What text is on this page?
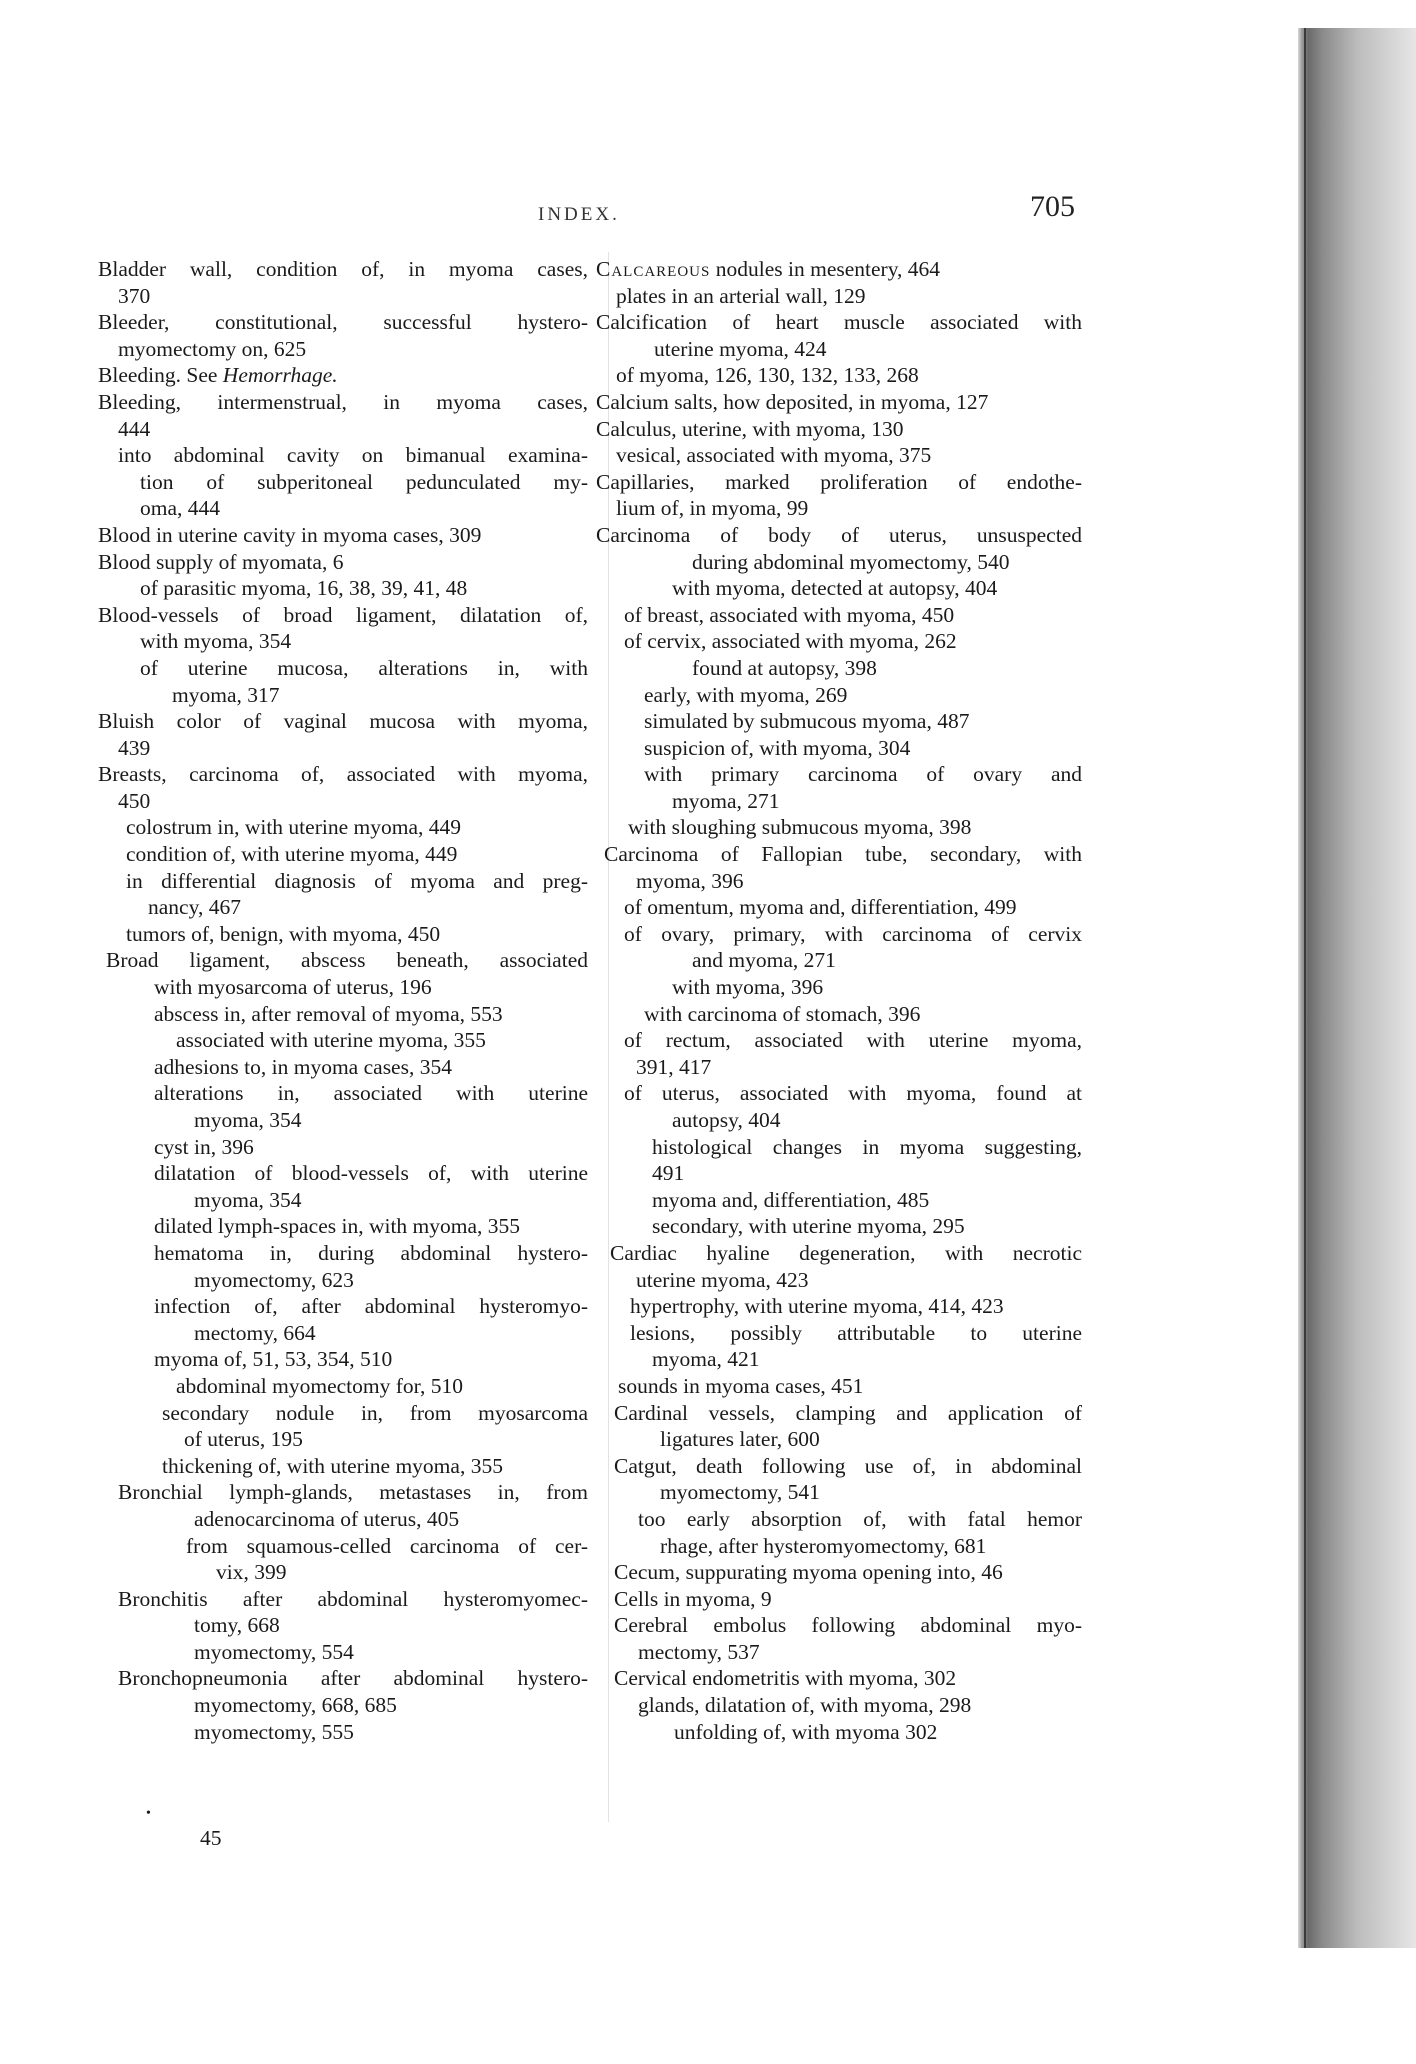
INDEX.	705
Bladder wall, condition of, in myoma cases,
370
Bleeder, constitutional, successful hystero-
myomectomy on, 625
Bleeding. See Hemorrhage.
Bleeding, intermenstrual, in myoma cases,
444
into abdominal cavity on bimanual examina-
tion of subperitoneal pedunculated my-
oma, 444
Blood in uterine cavity in myoma cases, 309
Blood supply of myomata, 6
of parasitic myoma, 16, 38, 39, 41, 48
Blood-vessels of broad ligament, dilatation of,
with myoma, 354
of uterine mucosa, alterations in, with
myoma, 317
Bluish color of vaginal mucosa with myoma,
439
Breasts, carcinoma of, associated with myoma,
450
colostrum in, with uterine myoma, 449
condition of, with uterine myoma, 449
in differential diagnosis of myoma and preg-
nancy, 467
tumors of, benign, with myoma, 450
Broad ligament, abscess beneath, associated
with myosarcoma of uterus, 196
abscess in, after removal of myoma, 553
associated with uterine myoma, 355
adhesions to, in myoma cases, 354
alterations in, associated with uterine
myoma, 354
cyst in, 396
dilatation of blood-vessels of, with uterine
myoma, 354
dilated lymph-spaces in, with myoma, 355
hematoma in, during abdominal hystero-
myomectomy, 623
infection of, after abdominal hysteromyo-
mectomy, 664
myoma of, 51, 53, 354, 510
abdominal myomectomy for, 510
secondary nodule in, from myosarcoma
of uterus, 195
thickening of, with uterine myoma, 355
Bronchial lymph-glands, metastases in, from
adenocarcinoma of uterus, 405
from squamous-celled carcinoma of cer-
vix, 399
Bronchitis after abdominal hysteromyomec-
tomy, 668
myomectomy, 554
Bronchopneumonia after abdominal hystero-
myomectomy, 668, 685
myomectomy, 555
Calcareous nodules in mesentery, 464
plates in an arterial wall, 129
Calcification of heart muscle associated with
uterine myoma, 424
of myoma, 126, 130, 132, 133, 268
Calcium salts, how deposited, in myoma, 127
Calculus, uterine, with myoma, 130
vesical, associated with myoma, 375
Capillaries, marked proliferation of endothe-
lium of, in myoma, 99
Carcinoma of body of uterus, unsuspected
during abdominal myomectomy, 540
with myoma, detected at autopsy, 404
of breast, associated with myoma, 450
of cervix, associated with myoma, 262
found at autopsy, 398
early, with myoma, 269
simulated by submucous myoma, 487
suspicion of, with myoma, 304
with primary carcinoma of ovary and
myoma, 271
with sloughing submucous myoma, 398
Carcinoma of Fallopian tube, secondary, with
myoma, 396
of omentum, myoma and, differentiation, 499
of ovary, primary, with carcinoma of cervix
and myoma, 271
with myoma, 396
with carcinoma of stomach, 396
of rectum, associated with uterine myoma,
391, 417
of uterus, associated with myoma, found at
autopsy, 404
histological changes in myoma suggesting,
491
myoma and, differentiation, 485
secondary, with uterine myoma, 295
Cardiac hyaline degeneration, with necrotic
uterine myoma, 423
hypertrophy, with uterine myoma, 414, 423
lesions, possibly attributable to uterine
myoma, 421
sounds in myoma cases, 451
Cardinal vessels, clamping and application of
ligatures later, 600
Catgut, death following use of, in abdominal
myomectomy, 541
too early absorption of, with fatal hemor
rhage, after hysteromyomectomy, 681
Cecum, suppurating myoma opening into, 46
Cells in myoma, 9
Cerebral embolus following abdominal myo-
mectomy, 537
Cervical endometritis with myoma, 302
glands, dilatation of, with myoma, 298
unfolding of, with myoma 302
•
45
